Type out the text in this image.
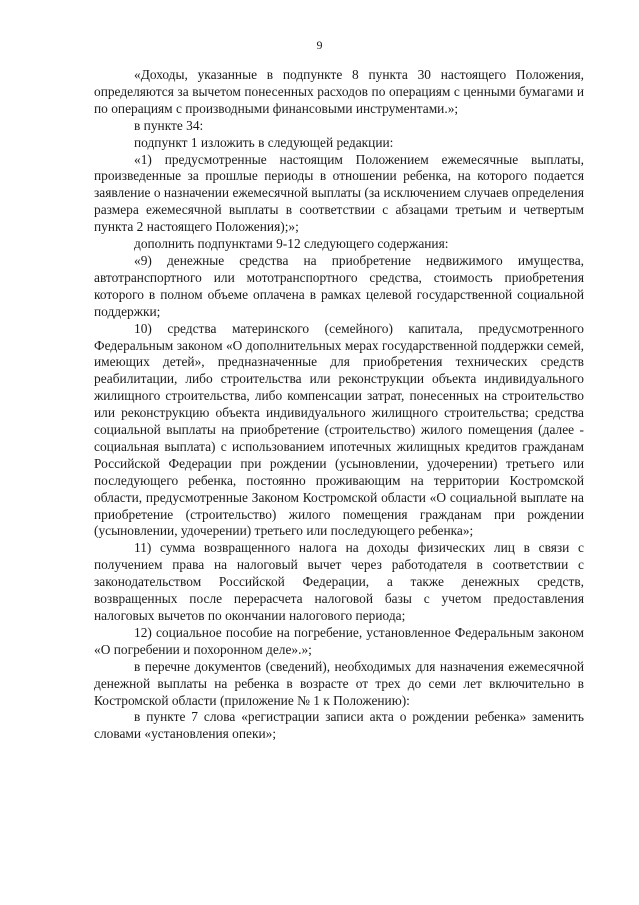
9

«Доходы, указанные в подпункте 8 пункта 30 настоящего Положения, определяются за вычетом понесенных расходов по операциям с ценными бумагами и по операциям с производными финансовыми инструментами.»;

в пункте 34:

подпункт 1 изложить в следующей редакции:

«1) предусмотренные настоящим Положением ежемесячные выплаты, произведенные за прошлые периоды в отношении ребенка, на которого подается заявление о назначении ежемесячной выплаты (за исключением случаев определения размера ежемесячной выплаты в соответствии с абзацами третьим и четвертым пункта 2 настоящего Положения);»;

дополнить подпунктами 9-12 следующего содержания:

«9) денежные средства на приобретение недвижимого имущества, автотранспортного или мототранспортного средства, стоимость приобретения которого в полном объеме оплачена в рамках целевой государственной социальной поддержки;

10) средства материнского (семейного) капитала, предусмотренного Федеральным законом «О дополнительных мерах государственной поддержки семей, имеющих детей», предназначенные для приобретения технических средств реабилитации, либо строительства или реконструкции объекта индивидуального жилищного строительства, либо компенсации затрат, понесенных на строительство или реконструкцию объекта индивидуального жилищного строительства; средства социальной выплаты на приобретение (строительство) жилого помещения (далее - социальная выплата) с использованием ипотечных жилищных кредитов гражданам Российской Федерации при рождении (усыновлении, удочерении) третьего или последующего ребенка, постоянно проживающим на территории Костромской области, предусмотренные Законом Костромской области «О социальной выплате на приобретение (строительство) жилого помещения гражданам при рождении (усыновлении, удочерении) третьего или последующего ребенка»;

11) сумма возвращенного налога на доходы физических лиц в связи с получением права на налоговый вычет через работодателя в соответствии с законодательством Российской Федерации, а также денежных средств, возвращенных после перерасчета налоговой базы с учетом предоставления налоговых вычетов по окончании налогового периода;

12) социальное пособие на погребение, установленное Федеральным законом «О погребении и похоронном деле».»;

в перечне документов (сведений), необходимых для назначения ежемесячной денежной выплаты на ребенка в возрасте от трех до семи лет включительно в Костромской области (приложение № 1 к Положению):

в пункте 7 слова «регистрации записи акта о рождении ребенка» заменить словами «установления опеки»;
